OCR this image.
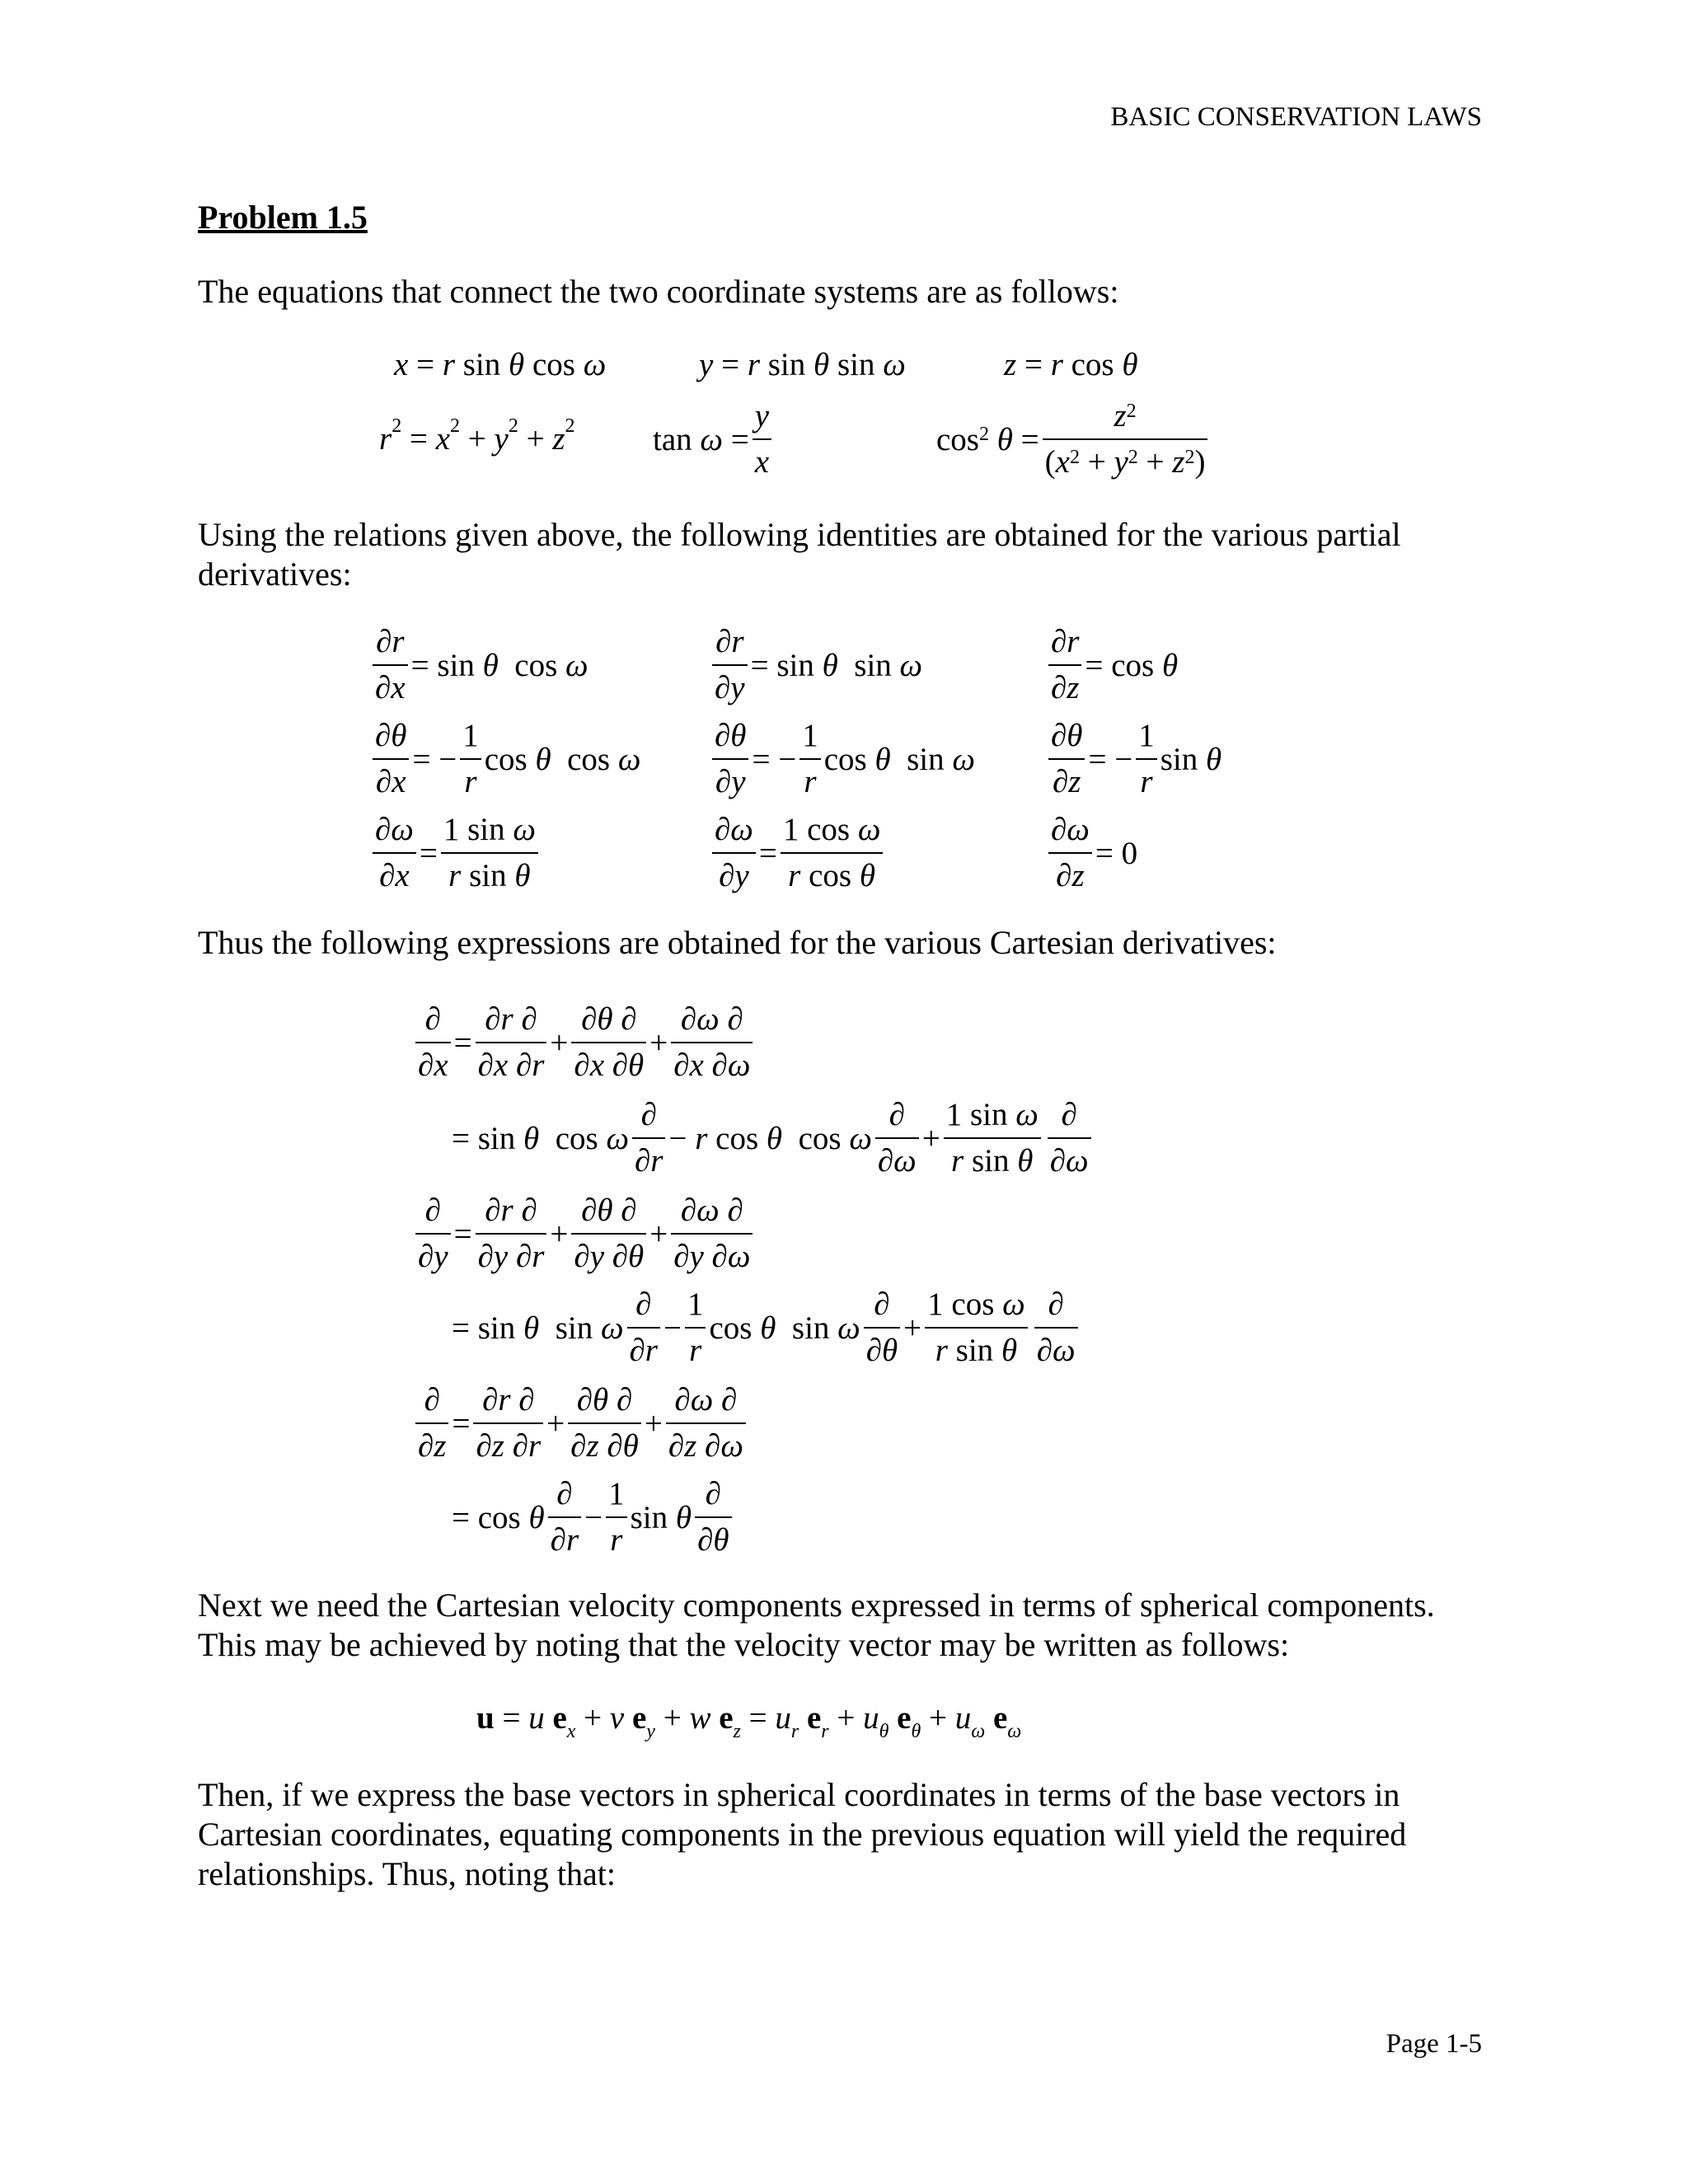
BASIC CONSERVATION LAWS
Problem 1.5
The equations that connect the two coordinate systems are as follows:
x = r sin θ cos ω	y = r sin θ sin ω	z = r cos θ
$r^2 = x^2 + y^2 + z^2$ tan ω =
y
x
$\cos^2 \theta$ =
$z^2$
$(x^2 + y^2 + z^2)$
Using the relations given above, the following identities are obtained for the various partial derivatives:
∂r
∂x
= sin θ cos ω
∂r
∂y
= sin θ sin ω
∂r
∂z
= cos θ
∂θ
∂x
= −
1
r
cos θ cos ω
∂θ
∂y
= −
1
r
cos θ sin ω
∂θ
∂z
= −
1
r
sin θ
∂ω
∂x
=
1 sin ω
r sin θ
∂ω
∂y
=
1 cos ω
r cos θ
∂ω
∂z
= 0
Thus the following expressions are obtained for the various Cartesian derivatives:
∂
∂x
=
∂r ∂
∂x ∂r
+
∂θ ∂
∂x ∂θ
+
∂ω ∂
∂x ∂ω
= sin θ cos ω
∂
∂r
− r cos θ cos ω
∂
∂ω
+
1 sin ω
r sin θ
∂
∂ω
∂
∂y
=
∂r ∂
∂y ∂r
+
∂θ ∂
∂y ∂θ
+
∂ω ∂
∂y ∂ω
= sin θ sin ω
∂
∂r
−
1
r
cos θ sin ω
∂
∂θ
+
1 cos ω
r sin θ
∂
∂ω
∂
∂z
=
∂r ∂
∂z ∂r
+
∂θ ∂
∂z ∂θ
+
∂ω ∂
∂z ∂ω
= cos θ
∂
∂r
−
1
r
sin θ
∂
∂θ
Next we need the Cartesian velocity components expressed in terms of spherical components.
This may be achieved by noting that the velocity vector may be written as follows:
u = u $e_x + v$ $e_y + w$ $e_z = u_r$ $e_r + u_\theta$ $e_\theta + u_\omega$ $e_\omega$
Then, if we express the base vectors in spherical coordinates in terms of the base vectors in Cartesian coordinates, equating components in the previous equation will yield the required relationships. Thus, noting that:
Page 1-5
